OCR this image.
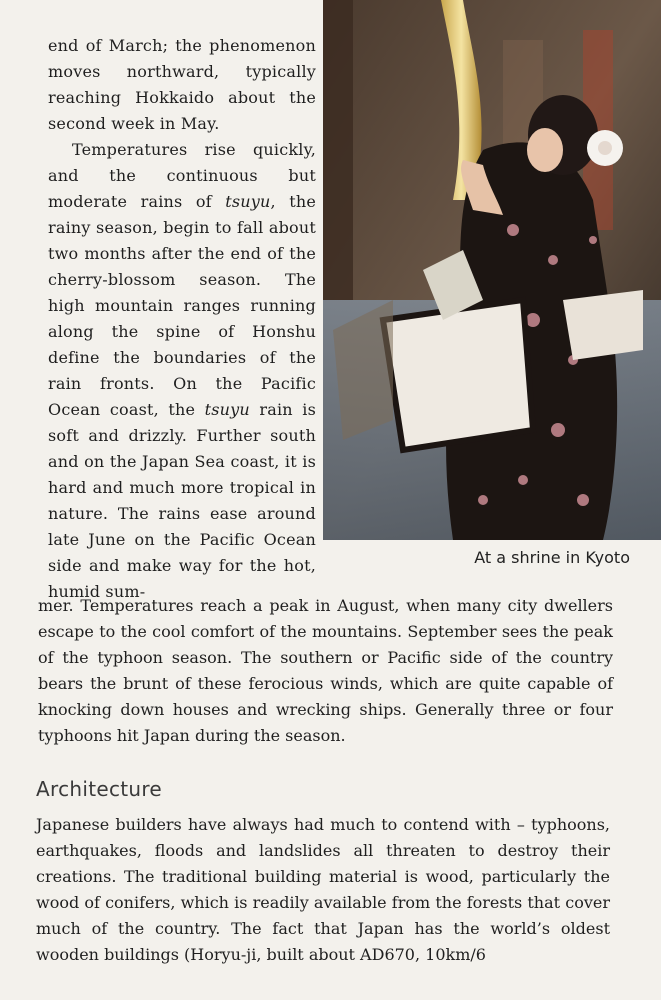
end of March; the phenomenon moves northward, typically reaching Hokkaido about the second week in May.

Temperatures rise quickly, and the continuous but moderate rains of tsuyu, the rainy season, begin to fall about two months after the end of the cherry-blossom season. The high mountain ranges running along the spine of Honshu define the boundaries of the rain fronts. On the Pacific Ocean coast, the tsuyu rain is soft and drizzly. Further south and on the Japan Sea coast, it is hard and much more tropical in nature. The rains ease around late June on the Pacific Ocean side and make way for the hot, humid sum-

At a shrine in Kyoto

mer. Temperatures reach a peak in August, when many city dwellers escape to the cool comfort of the mountains. September sees the peak of the typhoon season. The southern or Pacific side of the country bears the brunt of these ferocious winds, which are quite capable of knocking down houses and wrecking ships. Generally three or four typhoons hit Japan during the season.

Architecture

Japanese builders have always had much to contend with – typhoons, earthquakes, floods and landslides all threaten to destroy their creations. The traditional building material is wood, particularly the wood of conifers, which is readily available from the forests that cover much of the country. The fact that Japan has the world’s oldest wooden buildings (Horyu-ji, built about AD670, 10km/6
